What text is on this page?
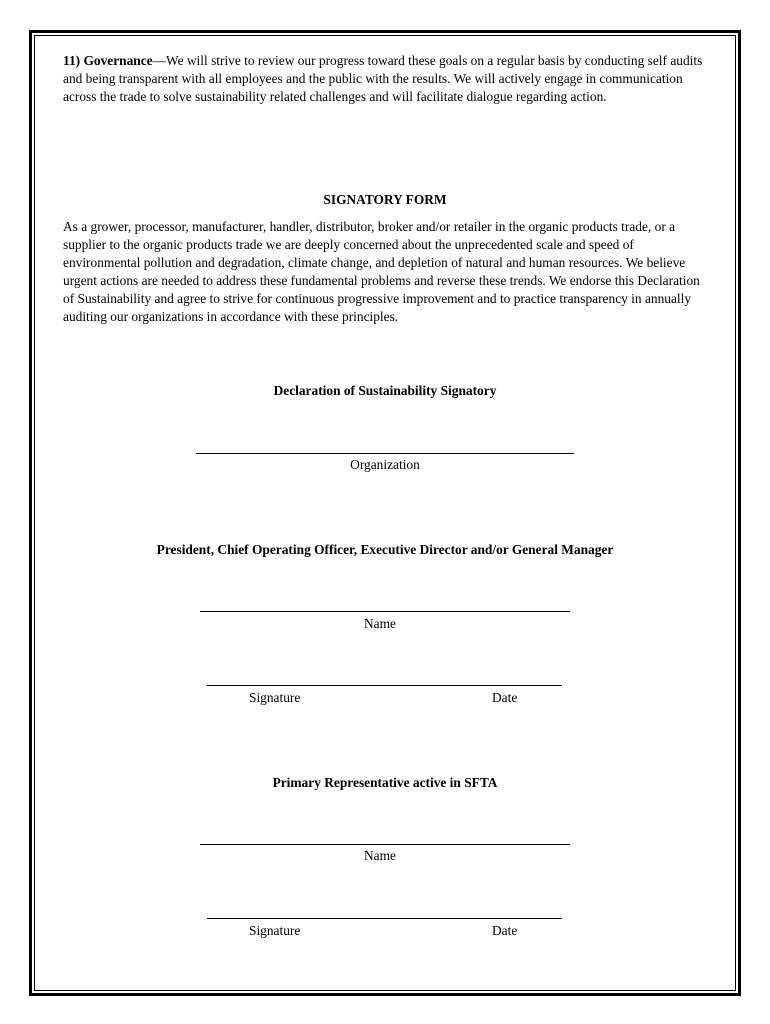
11) Governance—We will strive to review our progress toward these goals on a regular basis by conducting self audits and being transparent with all employees and the public with the results. We will actively engage in communication across the trade to solve sustainability related challenges and will facilitate dialogue regarding action.

SIGNATORY FORM

As a grower, processor, manufacturer, handler, distributor, broker and/or retailer in the organic products trade, or a supplier to the organic products trade we are deeply concerned about the unprecedented scale and speed of environmental pollution and degradation, climate change, and depletion of natural and human resources. We believe urgent actions are needed to address these fundamental problems and reverse these trends. We endorse this Declaration of Sustainability and agree to strive for continuous progressive improvement and to practice transparency in annually auditing our organizations in accordance with these principles.

Declaration of Sustainability Signatory

Organization

President, Chief Operating Officer, Executive Director and/or General Manager

Name

Signature	Date

Primary Representative active in SFTA

Name

Signature	Date
